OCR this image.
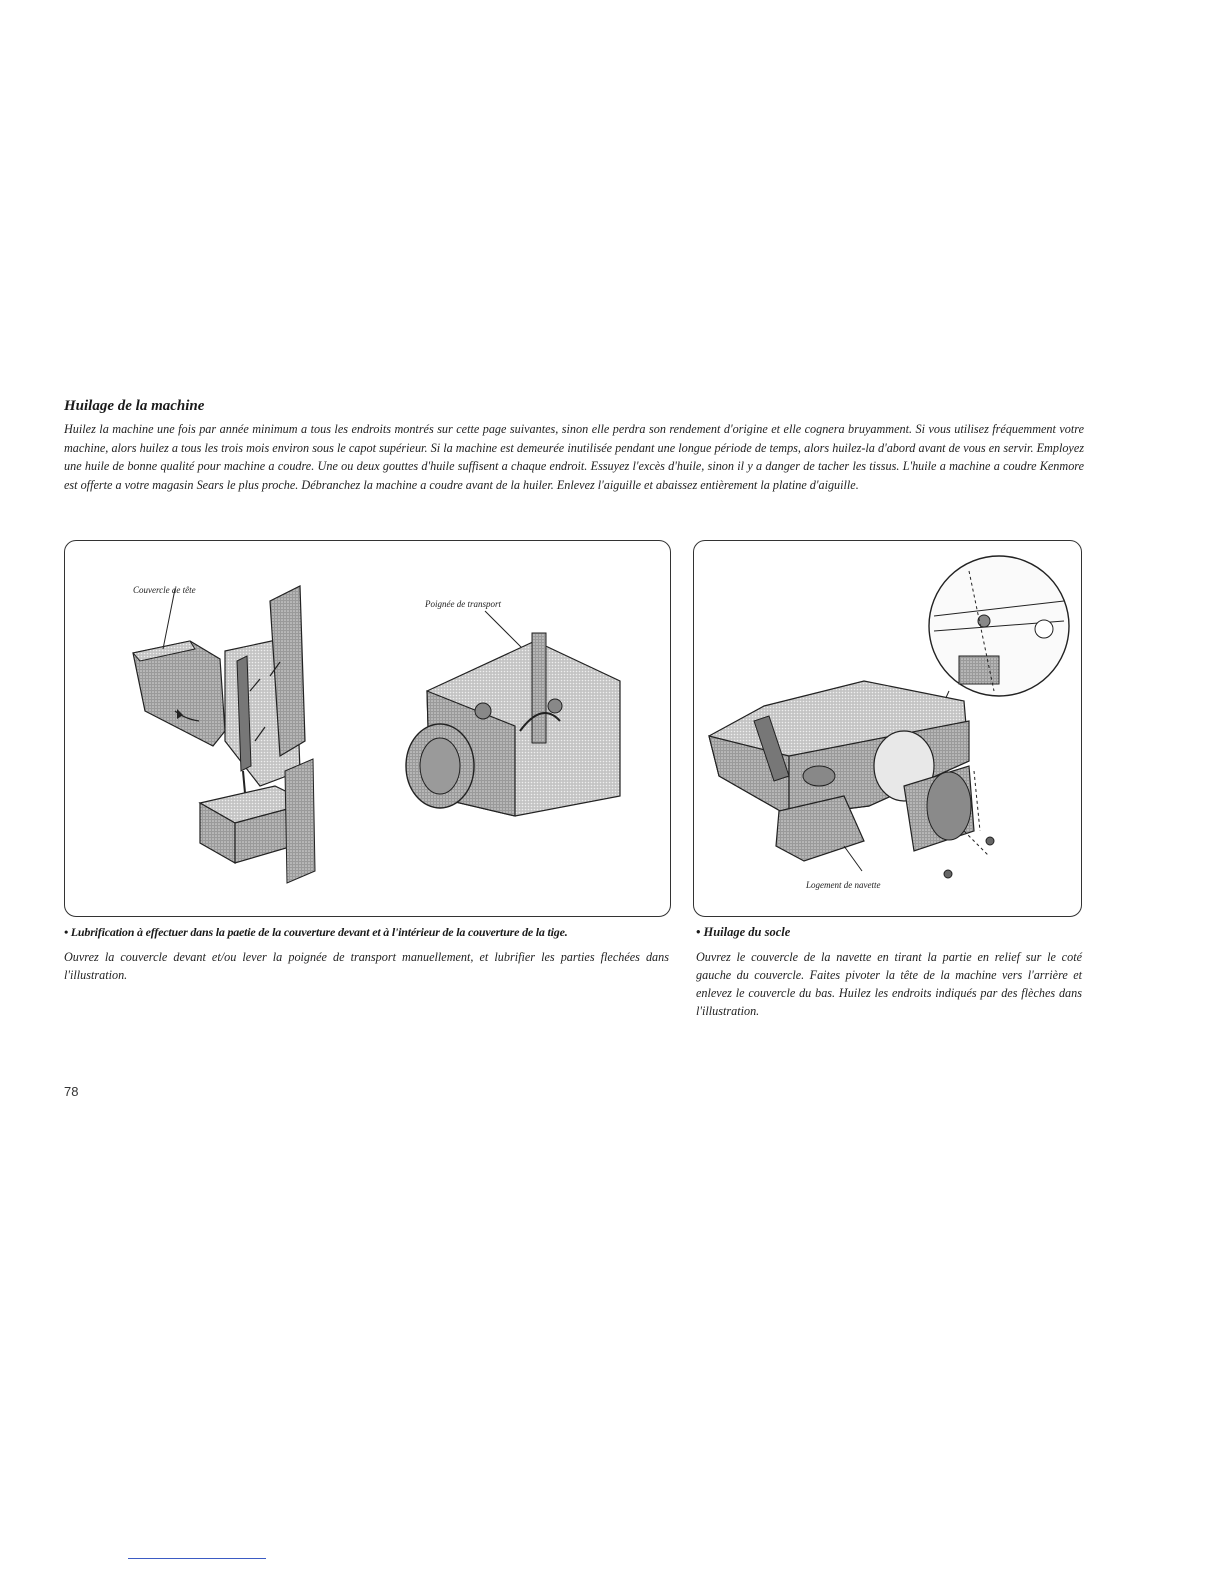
Huilage de la machine

Huilez la machine une fois par année minimum a tous les endroits montrés sur cette page suivantes, sinon elle perdra son rendement d'origine et elle cognera bruyamment. Si vous utilisez fréquemment votre machine, alors huilez a tous les trois mois environ sous le capot supérieur. Si la machine est demeurée inutilisée pendant une longue période de temps, alors huilez-la d'abord avant de vous en servir. Employez une huile de bonne qualité pour machine a coudre. Une ou deux gouttes d'huile suffisent a chaque endroit. Essuyez l'excès d'huile, sinon il y a danger de tacher les tissus. L'huile a machine a coudre Kenmore est offerte a votre magasin Sears le plus proche. Débranchez la machine a coudre avant de la huiler. Enlevez l'aiguille et abaissez entièrement la platine d'aiguille.

Couvercle de tête
Poignée de transport
Logement de navette

• Lubrification à effectuer dans la paetie de la couverture devant et à l'intérieur de la couverture de la tige.

Ouvrez la couvercle devant et/ou lever la poignée de transport manuellement, et lubrifier les parties flechées dans l'illustration.

• Huilage du socle

Ouvrez le couvercle de la navette en tirant la partie en relief sur le coté gauche du couvercle. Faites pivoter la tête de la machine vers l'arrière et enlevez le couvercle du bas. Huilez les endroits indiqués par des flèches dans l'illustration.

78
